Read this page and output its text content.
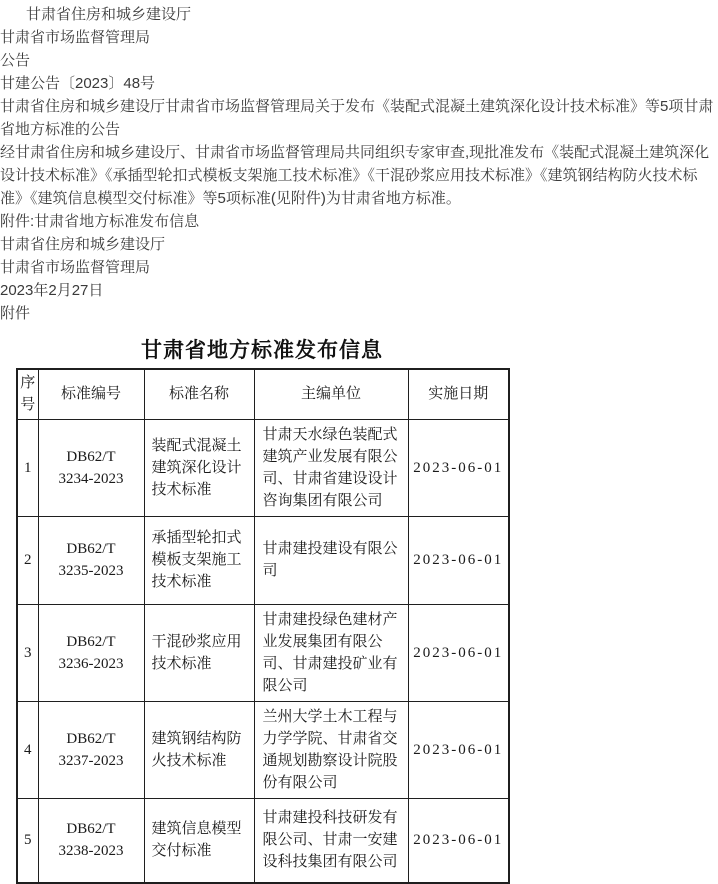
甘肃省住房和城乡建设厅
甘肃省市场监督管理局
公告
甘建公告〔2023〕48号
甘肃省住房和城乡建设厅甘肃省市场监督管理局关于发布《装配式混凝土建筑深化设计技术标准》等5项甘肃省地方标准的公告
经甘肃省住房和城乡建设厅、甘肃省市场监督管理局共同组织专家审查,现批准发布《装配式混凝土建筑深化设计技术标准》《承插型轮扣式模板支架施工技术标准》《干混砂浆应用技术标准》《建筑钢结构防火技术标准》《建筑信息模型交付标准》等5项标准(见附件)为甘肃省地方标准。
附件:甘肃省地方标准发布信息
甘肃省住房和城乡建设厅
甘肃省市场监督管理局
2023年2月27日
附件
甘肃省地方标准发布信息
序号	标准编号	标准名称	主编单位	实施日期
1	DB62/T 3234-2023	装配式混凝土建筑深化设计技术标准	甘肃天水绿色装配式建筑产业发展有限公司、甘肃省建设设计咨询集团有限公司	2023-06-01
2	DB62/T 3235-2023	承插型轮扣式模板支架施工技术标准	甘肃建投建设有限公司	2023-06-01
3	DB62/T 3236-2023	干混砂浆应用技术标准	甘肃建投绿色建材产业发展集团有限公司、甘肃建投矿业有限公司	2023-06-01
4	DB62/T 3237-2023	建筑钢结构防火技术标准	兰州大学土木工程与力学学院、甘肃省交通规划勘察设计院股份有限公司	2023-06-01
5	DB62/T 3238-2023	建筑信息模型交付标准	甘肃建投科技研发有限公司、甘肃一安建设科技集团有限公司	2023-06-01
